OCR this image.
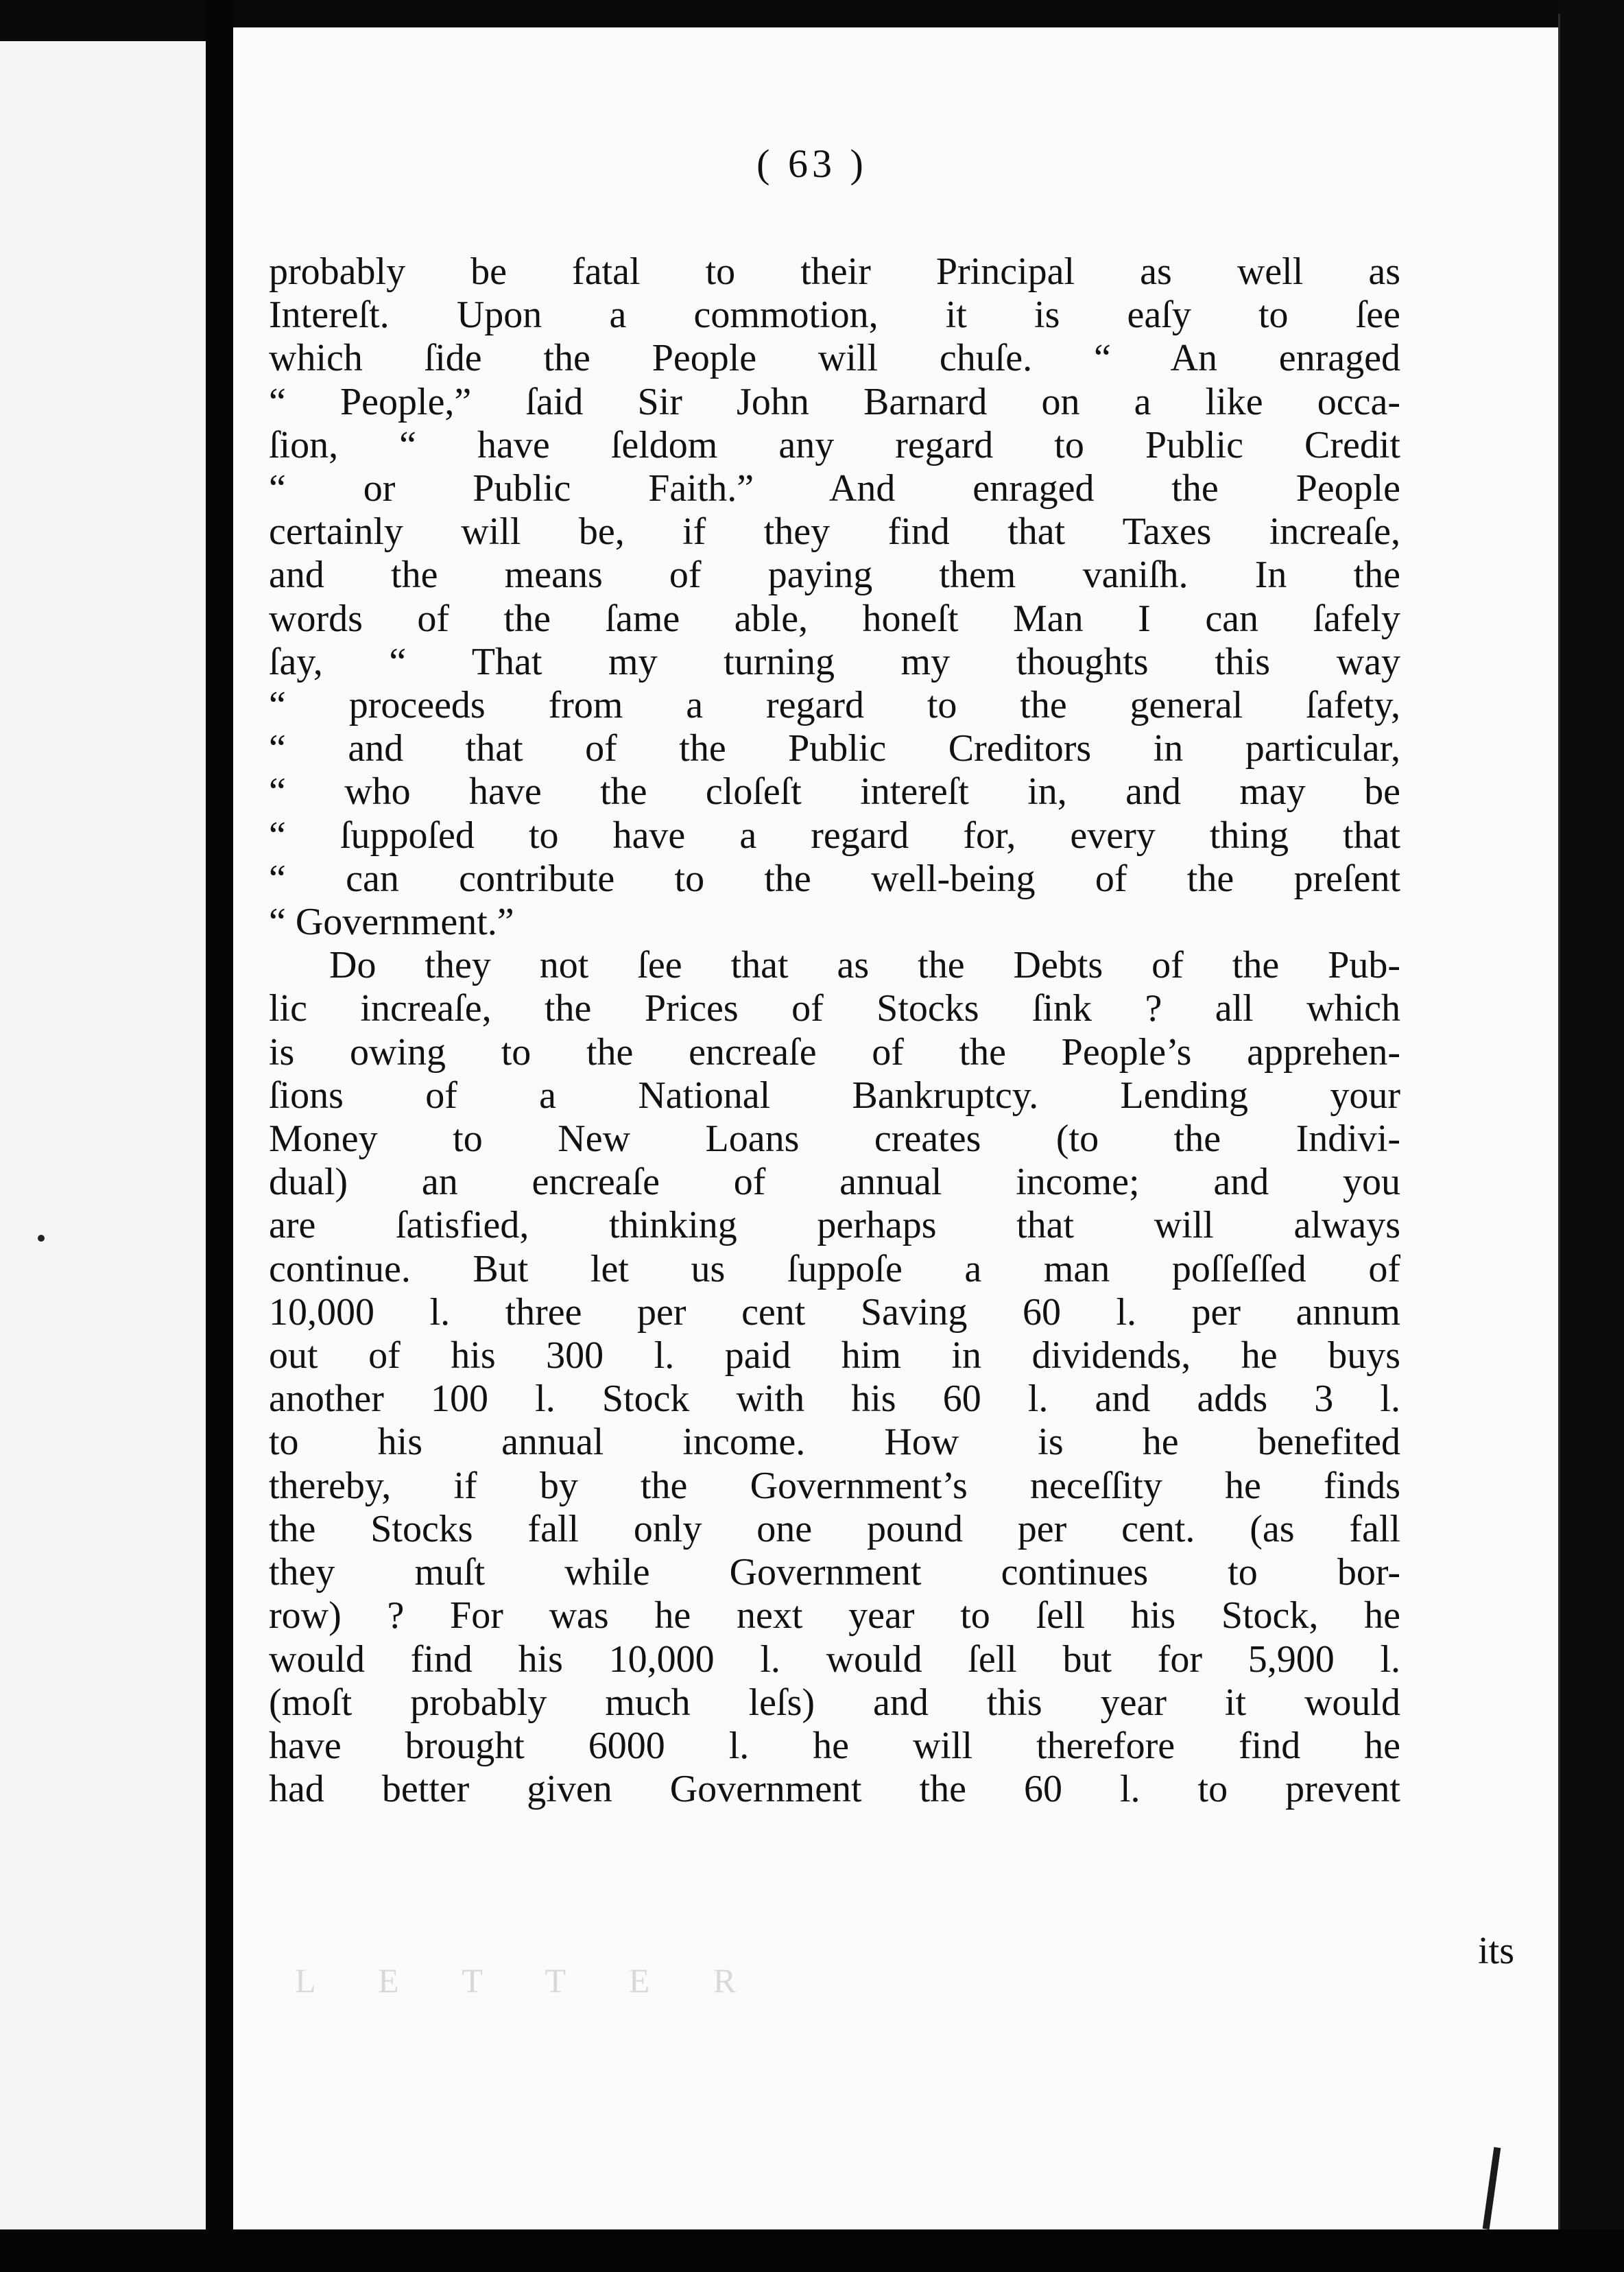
( 63 )
probably be fatal to their Principal as well as
Intereſt. Upon a commotion, it is eaſy to ſee
which ſide the People will chuſe. “ An enraged
“ People,” ſaid Sir John Barnard on a like occa-
ſion, “ have ſeldom any regard to Public Credit
“ or Public Faith.” And enraged the People
certainly will be, if they find that Taxes increaſe,
and the means of paying them vaniſh. In the
words of the ſame able, honeſt Man I can ſafely
ſay, “ That my turning my thoughts this way
“ proceeds from a regard to the general ſafety,
“ and that of the Public Creditors in particular,
“ who have the cloſeſt intereſt in, and may be
“ ſuppoſed to have a regard for, every thing that
“ can contribute to the well-being of the preſent
“ Government.”
Do they not ſee that as the Debts of the Pub-
lic increaſe, the Prices of Stocks ſink ? all which
is owing to the encreaſe of the People’s apprehen-
ſions of a National Bankruptcy. Lending your
Money to New Loans creates (to the Indivi-
dual) an encreaſe of annual income; and you
are ſatisfied, thinking perhaps that will always
continue. But let us ſuppoſe a man poſſeſſed of
10,000 l. three per cent Saving 60 l. per annum
out of his 300 l. paid him in dividends, he buys
another 100 l. Stock with his 60 l. and adds 3 l.
to his annual income. How is he benefited
thereby, if by the Government’s neceſſity he finds
the Stocks fall only one pound per cent. (as fall
they muſt while Government continues to bor-
row) ? For was he next year to ſell his Stock, he
would find his 10,000 l. would ſell but for 5,900 l.
(moſt probably much leſs) and this year it would
have brought 6000 l. he will therefore find he
had better given Government the 60 l. to prevent
its
L E T T E R
